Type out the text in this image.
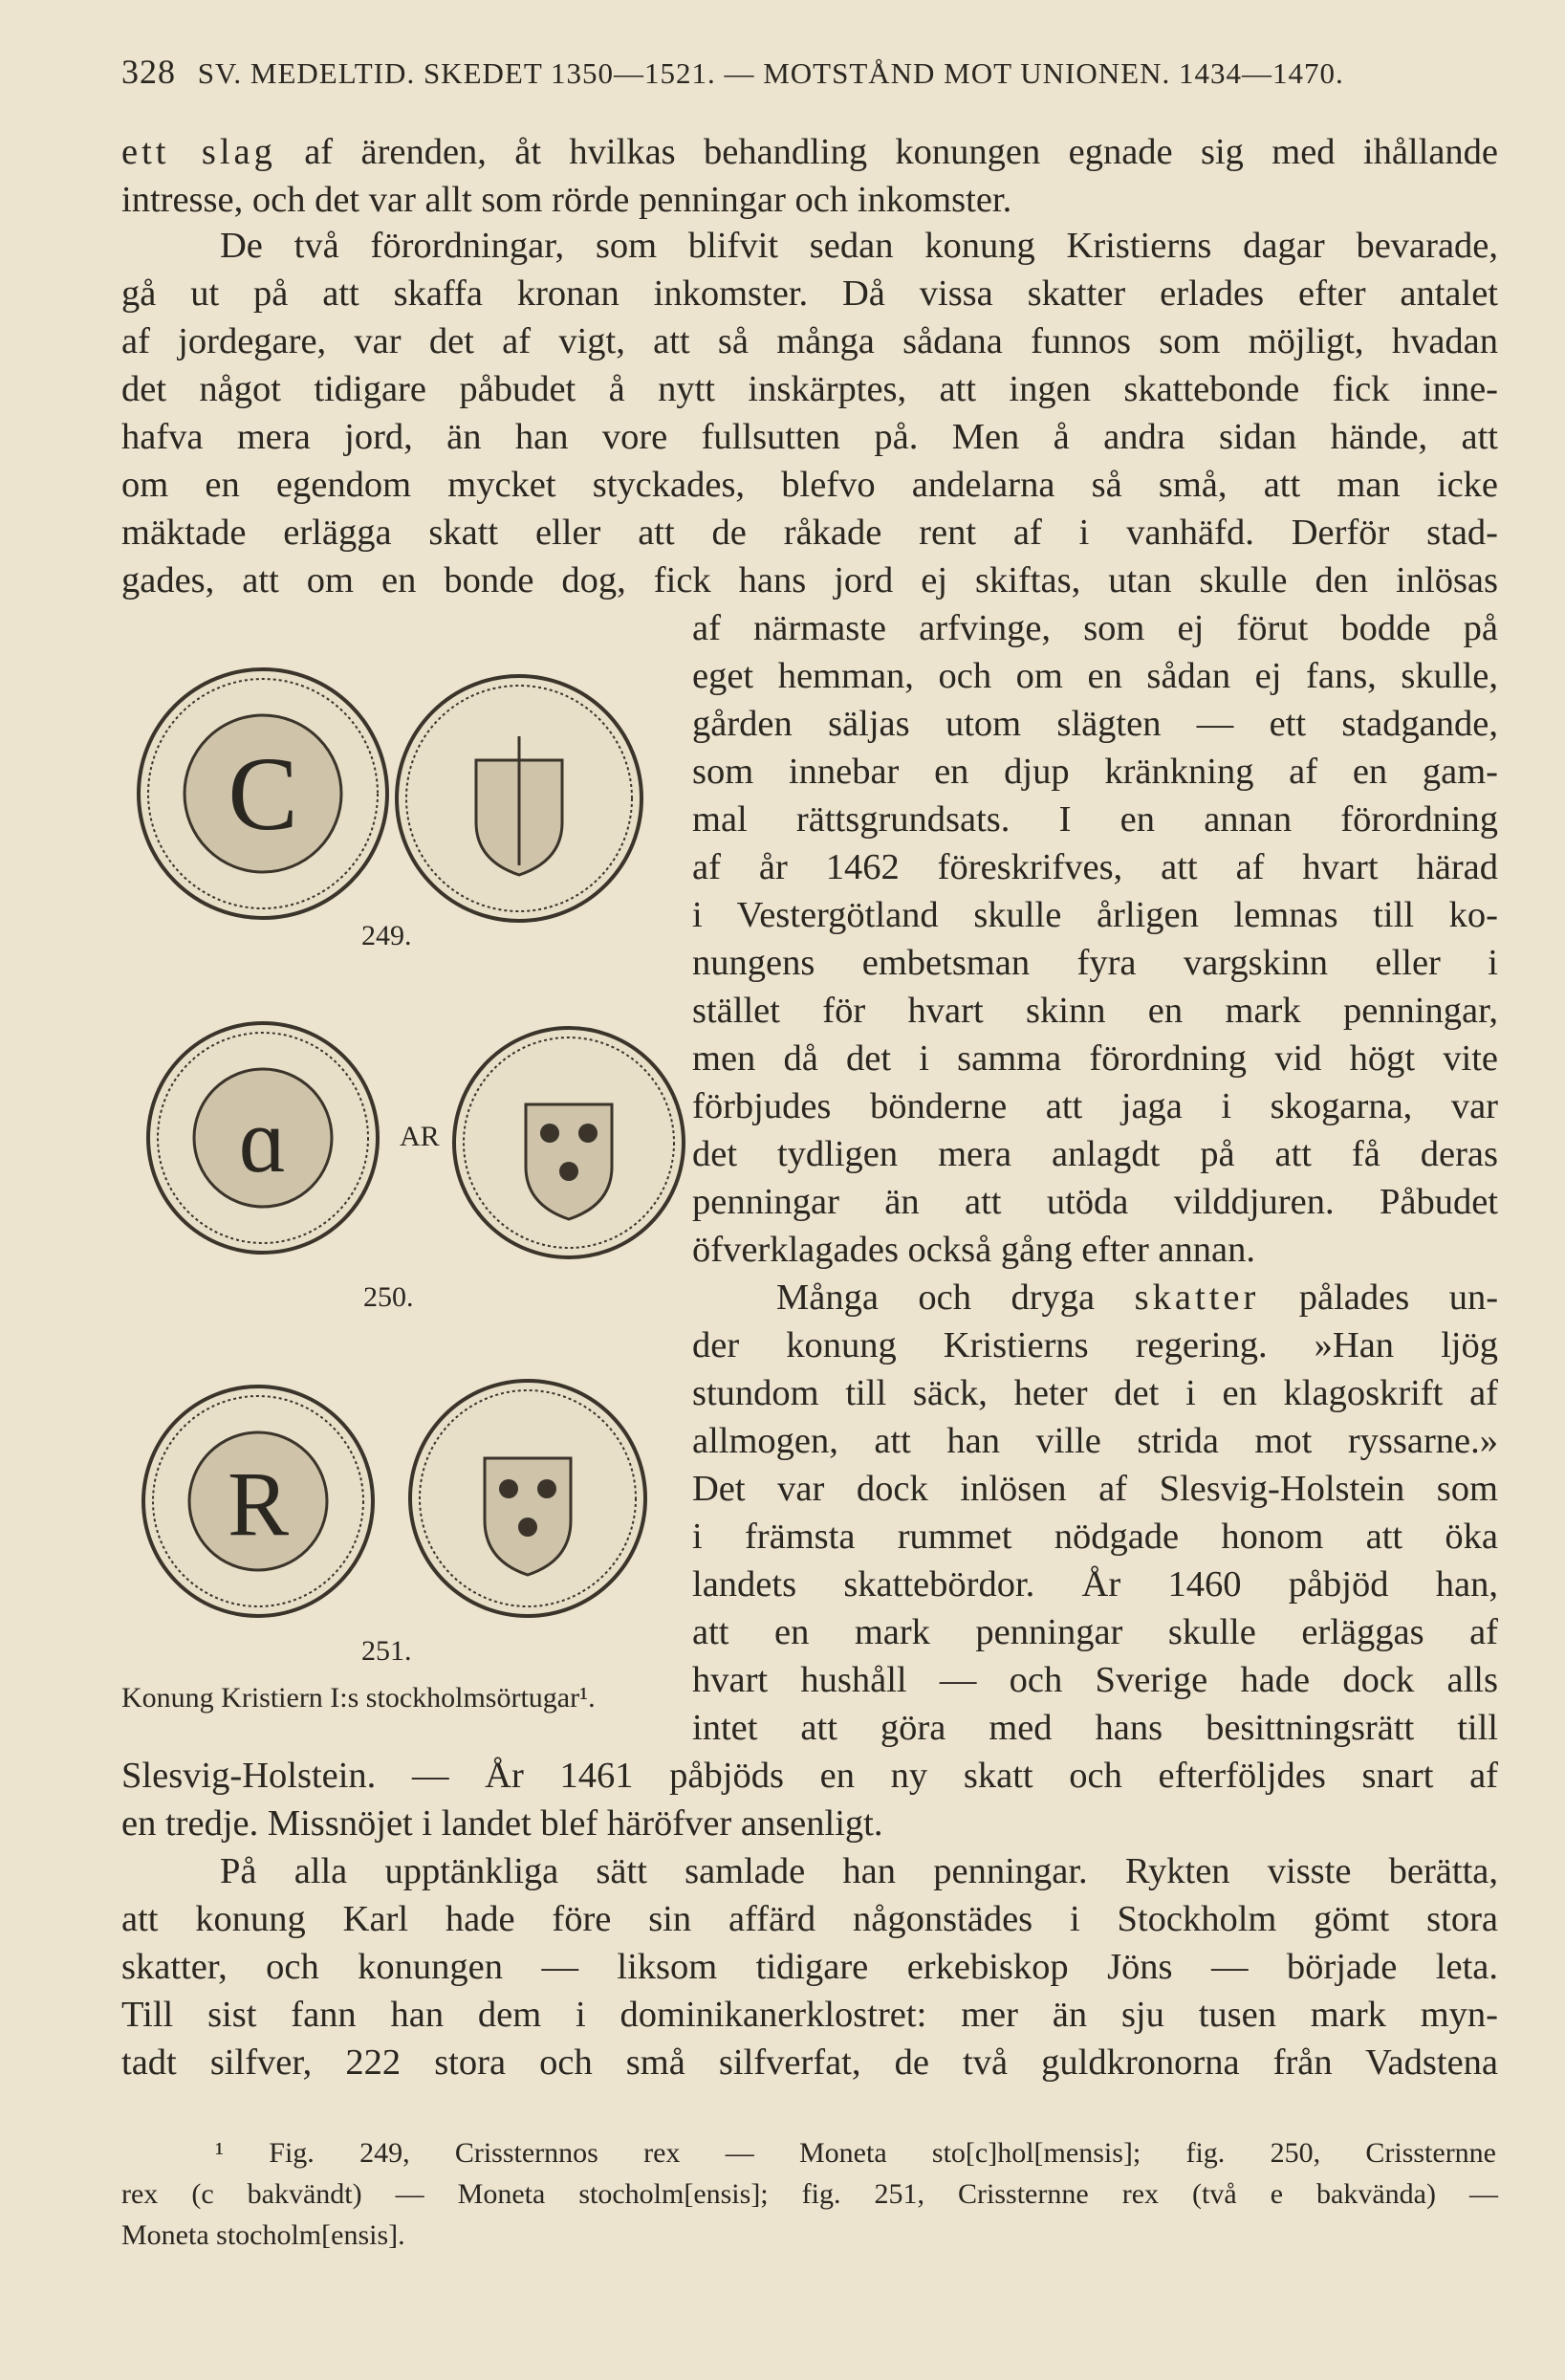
328 SV. MEDELTID. SKEDET 1350—1521. — MOTSTÅND MOT UNIONEN. 1434—1470.
ett slag af ärenden, åt hvilkas behandling konungen egnade sig med ihållande
intresse, och det var allt som rörde penningar och inkomster.
De två förordningar, som blifvit sedan konung Kristierns dagar bevarade,
gå ut på att skaffa kronan inkomster. Då vissa skatter erlades efter antalet
af jordegare, var det af vigt, att så många sådana funnos som möjligt, hvadan
det något tidigare påbudet å nytt inskärptes, att ingen skattebonde fick inne-
hafva mera jord, än han vore fullsutten på. Men å andra sidan hände, att
om en egendom mycket styckades, blefvo andelarna så små, att man icke
mäktade erlägga skatt eller att de råkade rent af i vanhäfd. Derför stad-
gades, att om en bonde dog, fick hans jord ej skiftas, utan skulle den inlösas
af närmaste arfvinge, som ej förut bodde på
eget hemman, och om en sådan ej fans, skulle,
gården säljas utom slägten — ett stadgande,
som innebar en djup kränkning af en gam-
mal rättsgrundsats. I en annan förordning
af år 1462 föreskrifves, att af hvart härad
i Vestergötland skulle årligen lemnas till ko-
nungens embetsman fyra vargskinn eller i
stället för hvart skinn en mark penningar,
men då det i samma förordning vid högt vite
förbjudes bönderne att jaga i skogarna, var
det tydligen mera anlagdt på att få deras
penningar än att utöda vilddjuren. Påbudet
öfverklagades också gång efter annan.
Många och dryga skatter pålades un-
der konung Kristierns regering. »Han ljög
stundom till säck, heter det i en klagoskrift af
allmogen, att han ville strida mot ryssarne.»
Det var dock inlösen af Slesvig-Holstein som
i främsta rummet nödgade honom att öka
landets skattebördor. År 1460 påbjöd han,
att en mark penningar skulle erläggas af
hvart hushåll — och Sverige hade dock alls
intet att göra med hans besittningsrätt till
Slesvig-Holstein. — År 1461 påbjöds en ny skatt och efterföljdes snart af
en tredje. Missnöjet i landet blef häröfver ansenligt.
På alla upptänkliga sätt samlade han penningar. Rykten visste berätta,
att konung Karl hade före sin affärd någonstädes i Stockholm gömt stora
skatter, och konungen — liksom tidigare erkebiskop Jöns — började leta.
Till sist fann han dem i dominikanerklostret: mer än sju tusen mark myn-
tadt silfver, 222 stora och små silfverfat, de två guldkronorna från Vadstena
C
249.
ɑ	AR
250.
R
251.
Konung Kristiern I:s stockholmsörtugar¹.
¹ Fig. 249, Crissternnos rex — Moneta sto[c]hol[mensis]; fig. 250, Crissternne
rex (c bakvändt) — Moneta stocholm[ensis]; fig. 251, Crissternne rex (två e bakvända) —
Moneta stocholm[ensis].
